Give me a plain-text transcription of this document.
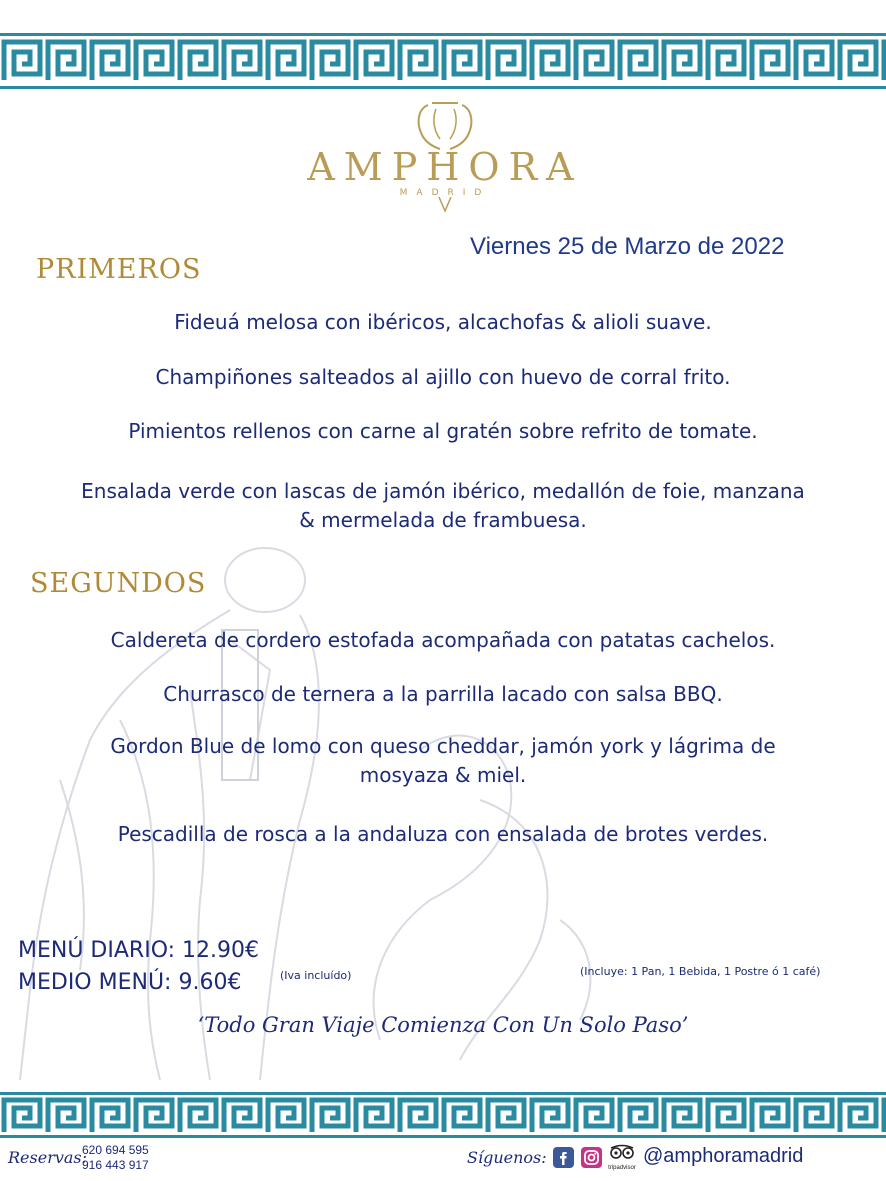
AMPHORA
MADRID
Viernes 25 de Marzo de 2022
PRIMEROS
Fideuá melosa con ibéricos, alcachofas & alioli suave.
Champiñones salteados al ajillo con huevo de corral frito.
Pimientos rellenos con carne al gratén sobre refrito de tomate.
Ensalada verde con lascas de jamón ibérico, medallón de foie, manzana
& mermelada de frambuesa.
SEGUNDOS
Caldereta de cordero estofada acompañada con patatas cachelos.
Churrasco de ternera a la parrilla lacado con salsa BBQ.
Gordon Blue de lomo con queso cheddar, jamón york y lágrima de
mosyaza & miel.
Pescadilla de rosca a la andaluza con ensalada de brotes verdes.
MENÚ DIARIO: 12.90€
MEDIO MENÚ: 9.60€	(Iva incluído)	(Incluye: 1 Pan, 1 Bebida, 1 Postre ó 1 café)
‘Todo Gran Viaje Comienza Con Un Solo Paso’
Reservas:
620 694 595
916 443 917	Síguenos:
tripadvisor
@amphoramadrid
